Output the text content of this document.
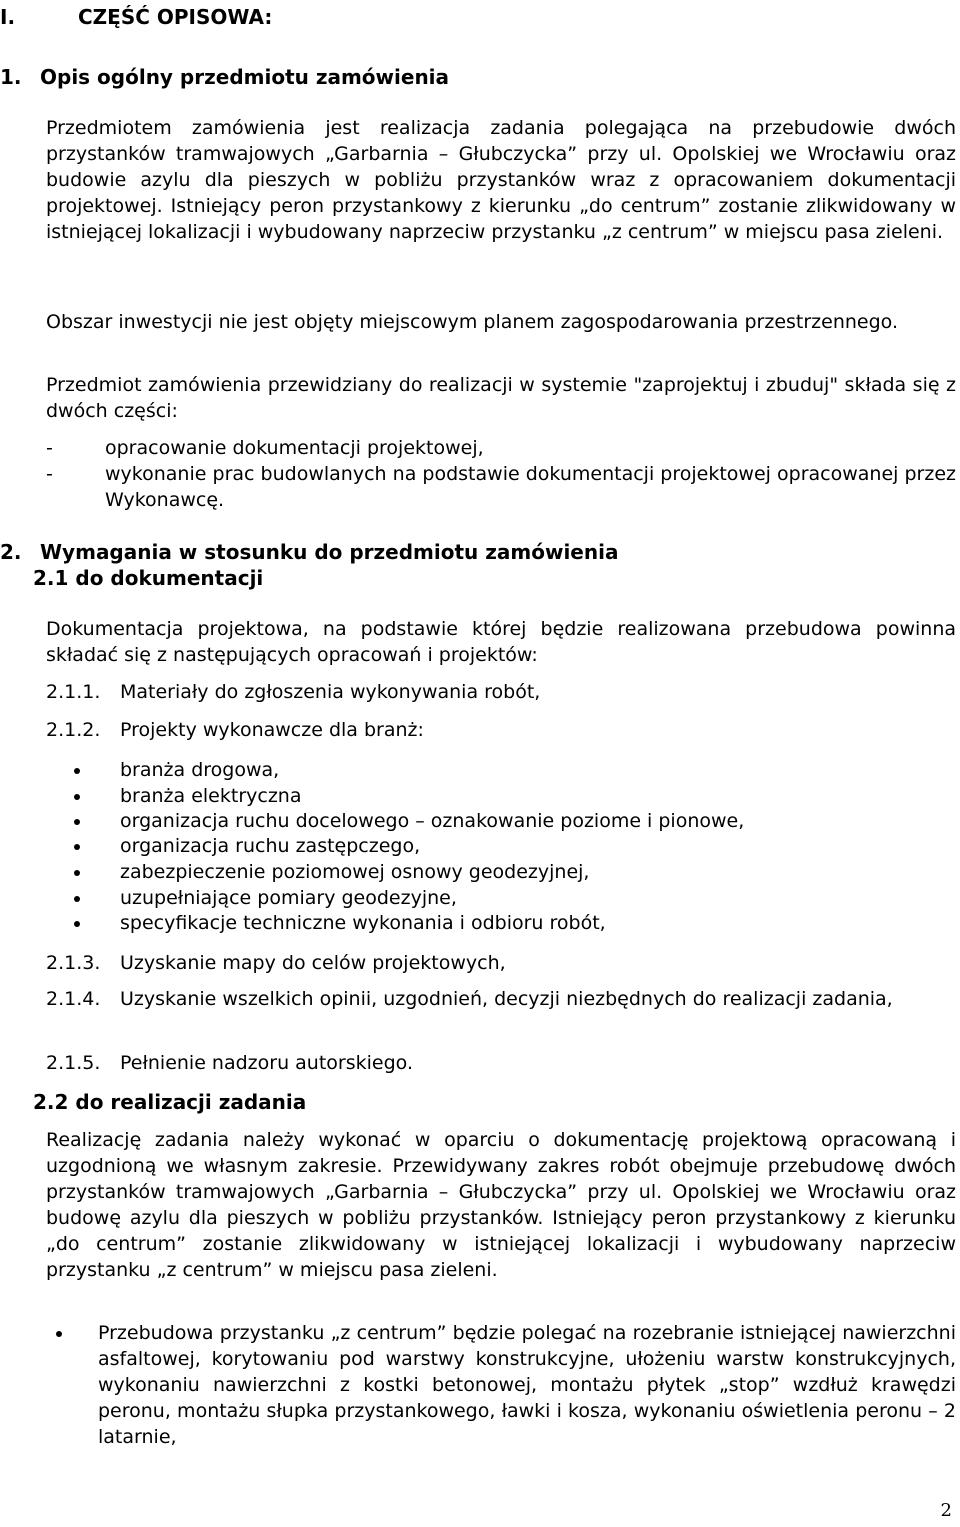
I.	CZĘŚĆ OPISOWA:
1. Opis ogólny przedmiotu zamówienia
Przedmiotem zamówienia jest realizacja zadania polegająca na przebudowie dwóch przystanków tramwajowych „Garbarnia – Głubczycka” przy ul. Opolskiej we Wrocławiu oraz budowie azylu dla pieszych w pobliżu przystanków wraz z opracowaniem dokumentacji projektowej. Istniejący peron przystankowy z kierunku „do centrum” zostanie zlikwidowany w istniejącej lokalizacji i wybudowany naprzeciw przystanku „z centrum” w miejscu pasa zieleni.
Obszar inwestycji nie jest objęty miejscowym planem zagospodarowania przestrzennego.
Przedmiot zamówienia przewidziany do realizacji w systemie "zaprojektuj i zbuduj" składa się z dwóch części:
-	opracowanie dokumentacji projektowej,
-	wykonanie prac budowlanych na podstawie dokumentacji projektowej opracowanej przez Wykonawcę.
2. Wymagania w stosunku do przedmiotu zamówienia
2.1 do dokumentacji
Dokumentacja projektowa, na podstawie której będzie realizowana przebudowa powinna składać się z następujących opracowań i projektów:
2.1.1. Materiały do zgłoszenia wykonywania robót,
2.1.2. Projekty wykonawcze dla branż:
branża drogowa,
branża elektryczna
organizacja ruchu docelowego – oznakowanie poziome i pionowe,
organizacja ruchu zastępczego,
zabezpieczenie poziomowej osnowy geodezyjnej,
uzupełniające pomiary geodezyjne,
specyfikacje techniczne wykonania i odbioru robót,
2.1.3. Uzyskanie mapy do celów projektowych,
2.1.4. Uzyskanie wszelkich opinii, uzgodnień, decyzji niezbędnych do realizacji zadania,
2.1.5. Pełnienie nadzoru autorskiego.
2.2 do realizacji zadania
Realizację zadania należy wykonać w oparciu o dokumentację projektową opracowaną i uzgodnioną we własnym zakresie. Przewidywany zakres robót obejmuje przebudowę dwóch przystanków tramwajowych „Garbarnia – Głubczycka” przy ul. Opolskiej we Wrocławiu oraz budowę azylu dla pieszych w pobliżu przystanków. Istniejący peron przystankowy z kierunku „do centrum” zostanie zlikwidowany w istniejącej lokalizacji i wybudowany naprzeciw przystanku „z centrum” w miejscu pasa zieleni.
Przebudowa przystanku „z centrum” będzie polegać na rozebranie istniejącej nawierzchni asfaltowej, korytowaniu pod warstwy konstrukcyjne, ułożeniu warstw konstrukcyjnych, wykonaniu nawierzchni z kostki betonowej, montażu płytek „stop” wzdłuż krawędzi peronu, montażu słupka przystankowego, ławki i kosza, wykonaniu oświetlenia peronu – 2 latarnie,
2
